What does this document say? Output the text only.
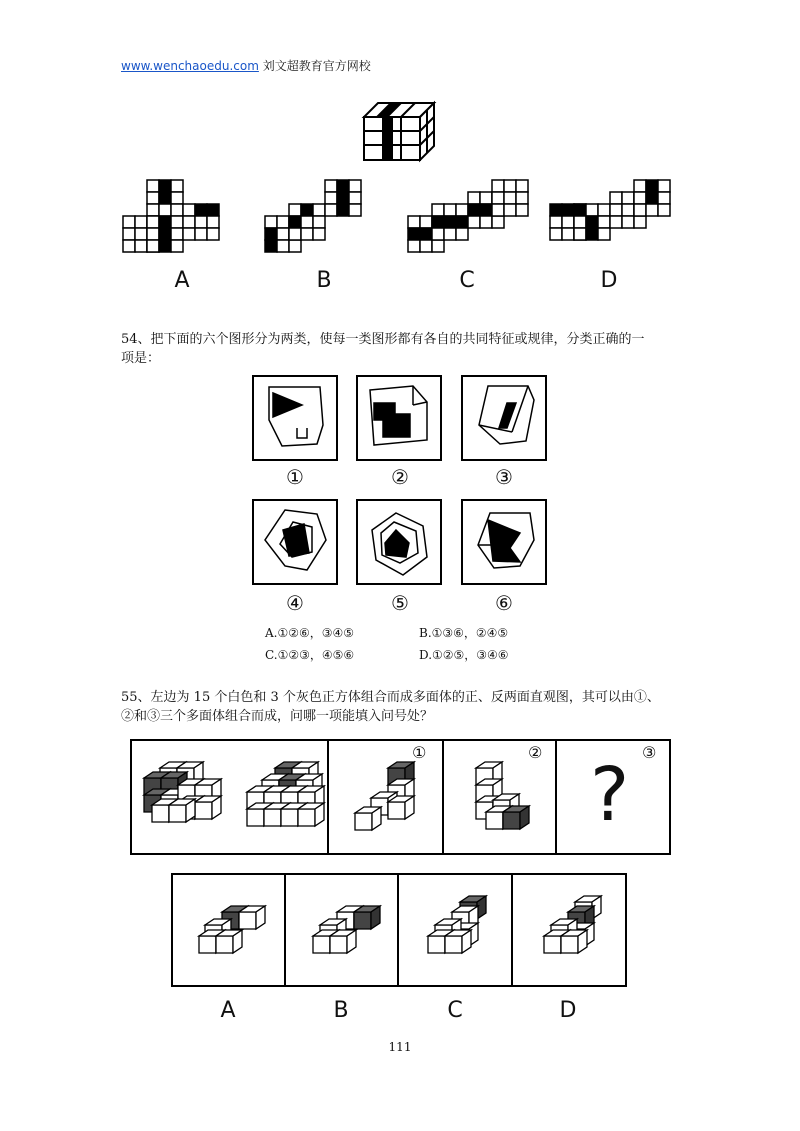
www.wenchaoedu.com 刘文超教育官方网校
A	B	C	D
54、把下面的六个图形分为两类，使每一类图形都有各自的共同特征或规律，分类正确的一
项是：
①	②	③
④	⑤	⑥
A.①②⑥，③④⑤	B.①③⑥，②④⑤
C.①②③，④⑤⑥	D.①②⑤，③④⑥
55、左边为 15 个白色和 3 个灰色正方体组合而成多面体的正、反两面直观图，其可以由①、
②和③三个多面体组合而成，问哪一项能填入问号处？
①	②	③
?
A	B	C	D
111
